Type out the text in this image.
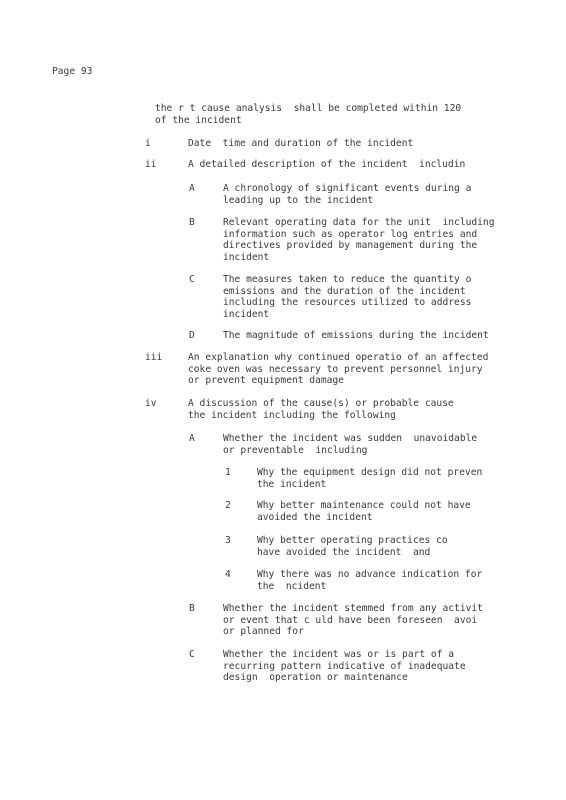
Page 93
the r t cause analysis  shall be completed within 120
of the incident
i	Date  time and duration of the incident
ii	A detailed description of the incident  includin
A	A chronology of significant events during a
leading up to the incident
B	Relevant operating data for the unit  including
information such as operator log entries and
directives provided by management during the
incident
C	The measures taken to reduce the quantity o
emissions and the duration of the incident
including the resources utilized to address
incident
D	The magnitude of emissions during the incident
iii	An explanation why continued operatio of an affected
coke oven was necessary to prevent personnel injury
or prevent equipment damage
iv	A discussion of the cause(s) or probable cause
the incident including the following
A	Whether the incident was sudden  unavoidable
or preventable  including
1	Why the equipment design did not preven
the incident
2	Why better maintenance could not have
avoided the incident
3	Why better operating practices co
have avoided the incident  and
4	Why there was no advance indication for
the  ncident
B	Whether the incident stemmed from any activit
or event that c uld have been foreseen  avoi
or planned for
C	Whether the incident was or is part of a
recurring pattern indicative of inadequate
design  operation or maintenance
